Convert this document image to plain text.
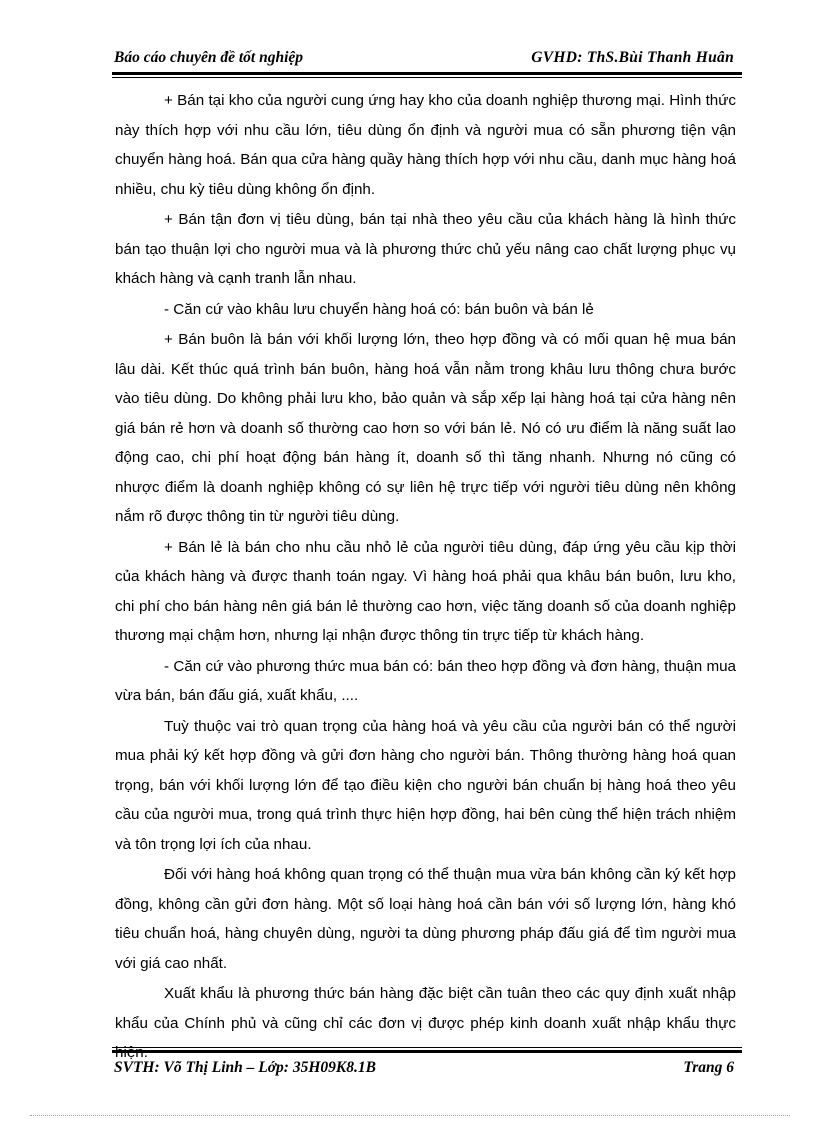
Báo cáo chuyên đề tốt nghiệp	GVHD: ThS.Bùi Thanh Huân

+ Bán tại kho của người cung ứng hay kho của doanh nghiệp thương mại. Hình thức này thích hợp với nhu cầu lớn, tiêu dùng ổn định và người mua có sẵn phương tiện vận chuyển hàng hoá. Bán qua cửa hàng quầy hàng thích hợp với nhu cầu, danh mục hàng hoá nhiều, chu kỳ tiêu dùng không ổn định.

+ Bán tận đơn vị tiêu dùng, bán tại nhà theo yêu cầu của khách hàng là hình thức bán tạo thuận lợi cho người mua và là phương thức chủ yếu nâng cao chất lượng phục vụ khách hàng và cạnh tranh lẫn nhau.

- Căn cứ vào khâu lưu chuyển hàng hoá có: bán buôn và bán lẻ

+ Bán buôn là bán với khối lượng lớn, theo hợp đồng và có mối quan hệ mua bán lâu dài. Kết thúc quá trình bán buôn, hàng hoá vẫn nằm trong khâu lưu thông chưa bước vào tiêu dùng. Do không phải lưu kho, bảo quản và sắp xếp lại hàng hoá tại cửa hàng nên giá bán rẻ hơn và doanh số thường cao hơn so với bán lẻ. Nó có ưu điểm là năng suất lao động cao, chi phí hoạt động bán hàng ít, doanh số thì tăng nhanh. Nhưng nó cũng có nhược điểm là doanh nghiệp không có sự liên hệ trực tiếp với người tiêu dùng nên không nắm rõ được thông tin từ người tiêu dùng.

+ Bán lẻ là bán cho nhu cầu nhỏ lẻ của người tiêu dùng, đáp ứng yêu cầu kịp thời của khách hàng và được thanh toán ngay. Vì hàng hoá phải qua khâu bán buôn, lưu kho, chi phí cho bán hàng nên giá bán lẻ thường cao hơn, việc tăng doanh số của doanh nghiệp thương mại chậm hơn, nhưng lại nhận được thông tin trực tiếp từ khách hàng.

- Căn cứ vào phương thức mua bán có: bán theo hợp đồng và đơn hàng, thuận mua vừa bán, bán đấu giá, xuất khẩu, ....

Tuỳ thuộc vai trò quan trọng của hàng hoá và yêu cầu của người bán có thể người mua phải ký kết hợp đồng và gửi đơn hàng cho người bán. Thông thường hàng hoá quan trọng, bán với khối lượng lớn để tạo điều kiện cho người bán chuẩn bị hàng hoá theo yêu cầu của người mua, trong quá trình thực hiện hợp đồng, hai bên cùng thể hiện trách nhiệm và tôn trọng lợi ích của nhau.

Đối với hàng hoá không quan trọng có thể thuận mua vừa bán không cần ký kết hợp đồng, không cần gửi đơn hàng. Một số loại hàng hoá cần bán với số lượng lớn, hàng khó tiêu chuẩn hoá, hàng chuyên dùng, người ta dùng phương pháp đấu giá để tìm người mua với giá cao nhất.

Xuất khẩu là phương thức bán hàng đặc biệt cần tuân theo các quy định xuất nhập khẩu của Chính phủ và cũng chỉ các đơn vị được phép kinh doanh xuất nhập khẩu thực

SVTH: Võ Thị Linh – Lớp: 35H09K8.1B	Trang 6
